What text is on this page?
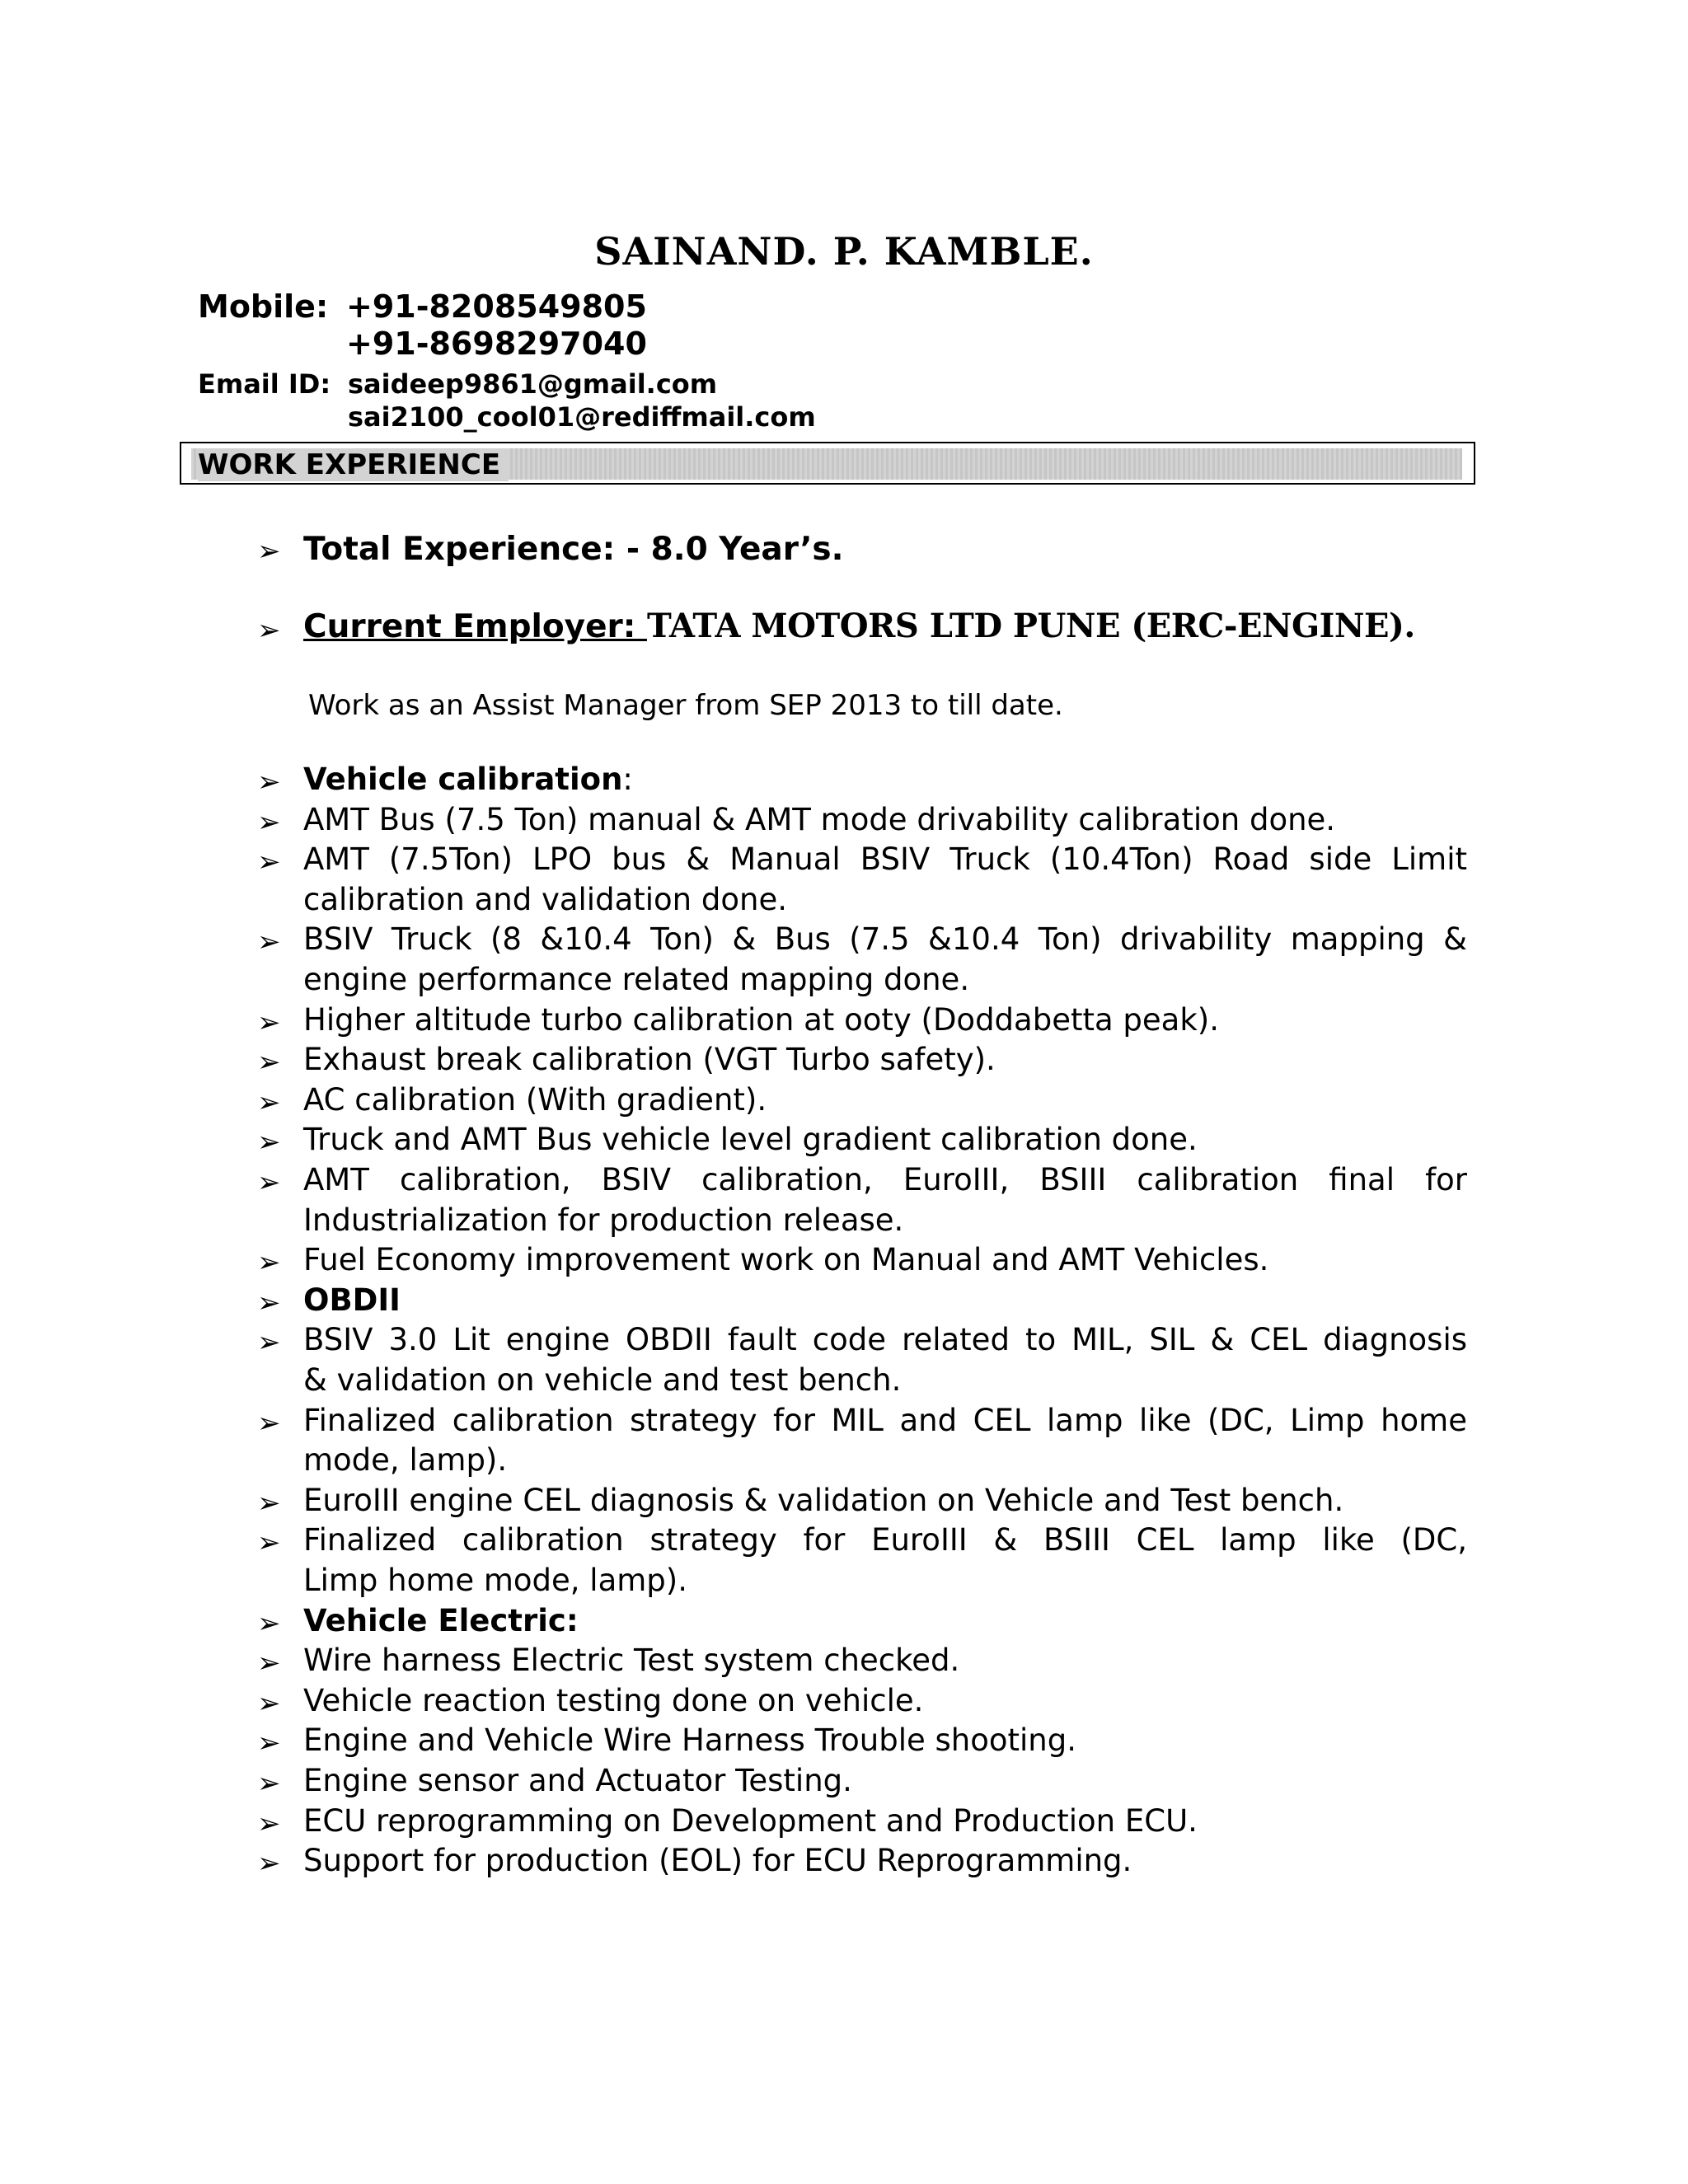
SAINAND. P. KAMBLE.
Mobile: +91-8208549805
+91-8698297040
Email ID: saideep9861@gmail.com
sai2100_cool01@rediffmail.com
WORK EXPERIENCE
➢ Total Experience: - 8.0 Year’s.
➢ Current Employer: TATA MOTORS LTD PUNE (ERC-ENGINE).
Work as an Assist Manager from SEP 2013 to till date.
➢ Vehicle calibration:
➢ AMT Bus (7.5 Ton) manual & AMT mode drivability calibration done.
➢ AMT (7.5Ton) LPO bus & Manual BSIV Truck (10.4Ton) Road side Limit
calibration and validation done.
➢ BSIV Truck (8 &10.4 Ton) & Bus (7.5 &10.4 Ton) drivability mapping &
engine performance related mapping done.
➢ Higher altitude turbo calibration at ooty (Doddabetta peak).
➢ Exhaust break calibration (VGT Turbo safety).
➢ AC calibration (With gradient).
➢ Truck and AMT Bus vehicle level gradient calibration done.
➢ AMT calibration, BSIV calibration, EuroIII, BSIII calibration final for
Industrialization for production release.
➢ Fuel Economy improvement work on Manual and AMT Vehicles.
➢ OBDII
➢ BSIV 3.0 Lit engine OBDII fault code related to MIL, SIL & CEL diagnosis
& validation on vehicle and test bench.
➢ Finalized calibration strategy for MIL and CEL lamp like (DC, Limp home
mode, lamp).
➢ EuroIII engine CEL diagnosis & validation on Vehicle and Test bench.
➢ Finalized calibration strategy for EuroIII & BSIII CEL lamp like (DC,
Limp home mode, lamp).
➢ Vehicle Electric:
➢ Wire harness Electric Test system checked.
➢ Vehicle reaction testing done on vehicle.
➢ Engine and Vehicle Wire Harness Trouble shooting.
➢ Engine sensor and Actuator Testing.
➢ ECU reprogramming on Development and Production ECU.
➢ Support for production (EOL) for ECU Reprogramming.
